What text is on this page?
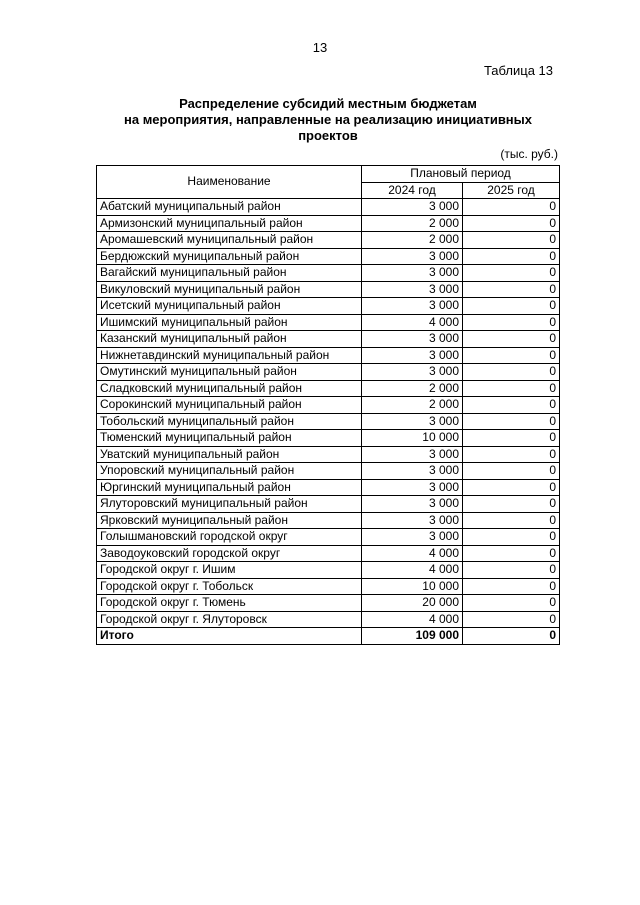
13
Таблица 13
Распределение субсидий местным бюджетам
на мероприятия, направленные на реализацию инициативных
проектов
(тыс. руб.)
Наименование	Плановый период	
	2024 год	2025 год
Абатский муниципальный район	3 000	0
Армизонский муниципальный район	2 000	0
Аромашевский муниципальный район	2 000	0
Бердюжский муниципальный район	3 000	0
Вагайский муниципальный район	3 000	0
Викуловский муниципальный район	3 000	0
Исетский муниципальный район	3 000	0
Ишимский муниципальный район	4 000	0
Казанский муниципальный район	3 000	0
Нижнетавдинский муниципальный район	3 000	0
Омутинский муниципальный район	3 000	0
Сладковский муниципальный район	2 000	0
Сорокинский муниципальный район	2 000	0
Тобольский муниципальный район	3 000	0
Тюменский муниципальный район	10 000	0
Уватский муниципальный район	3 000	0
Упоровский муниципальный район	3 000	0
Юргинский муниципальный район	3 000	0
Ялуторовский муниципальный район	3 000	0
Ярковский муниципальный район	3 000	0
Голышмановский городской округ	3 000	0
Заводоуковский городской округ	4 000	0
Городской округ г. Ишим	4 000	0
Городской округ г. Тобольск	10 000	0
Городской округ г. Тюмень	20 000	0
Городской округ г. Ялуторовск	4 000	0
Итого	109 000	0
